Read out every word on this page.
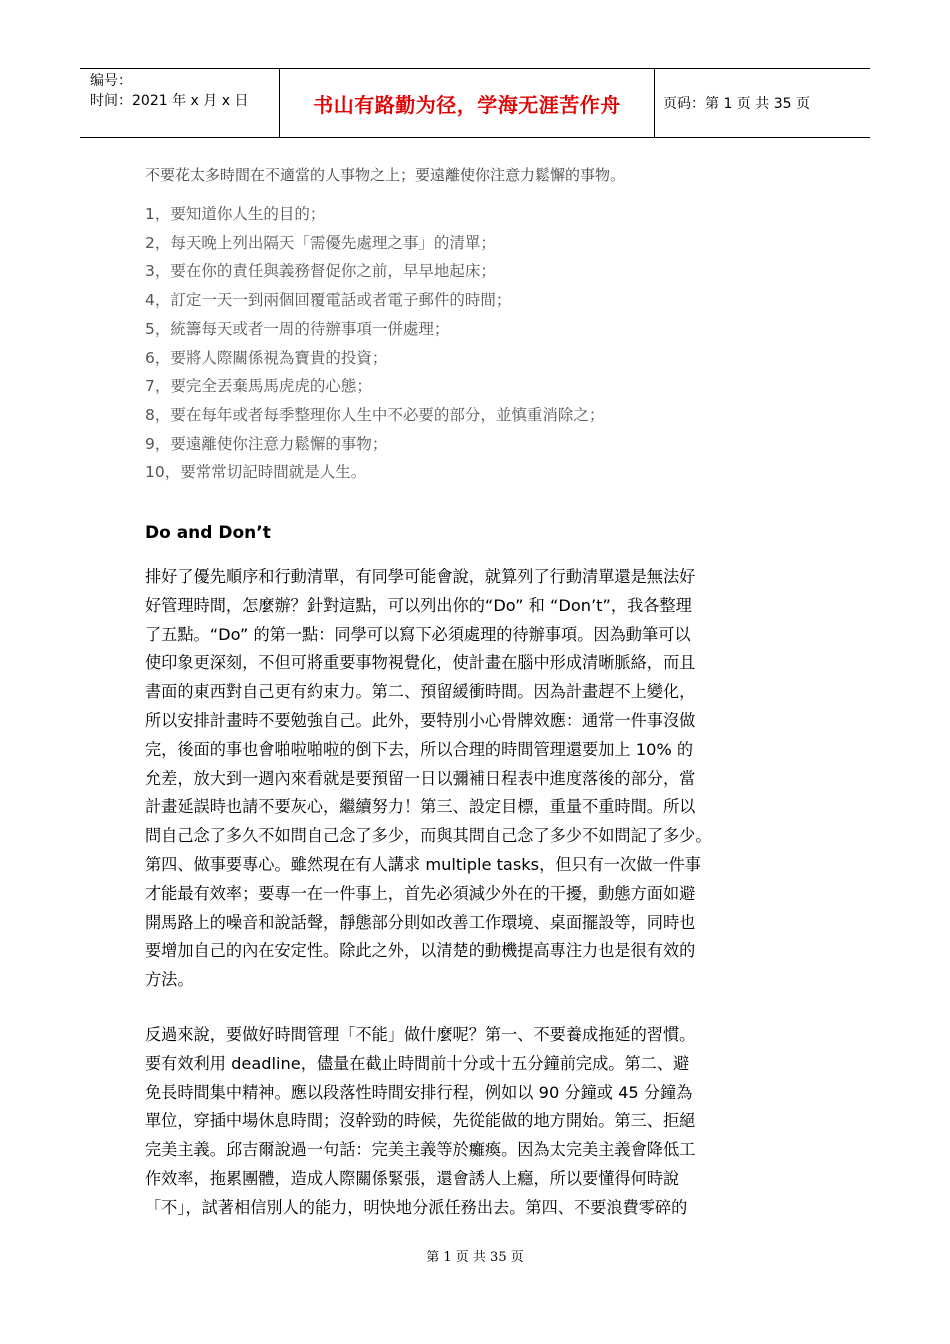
编号：
时间：2021 年 x 月 x 日	书山有路勤为径，学海无涯苦作舟	页码：第 1 页 共 35 页

不要花太多時間在不適當的人事物之上；要遠離使你注意力鬆懈的事物。

1，要知道你人生的目的；
2，每天晚上列出隔天「需優先處理之事」的清單；
3，要在你的責任與義務督促你之前，早早地起床；
4，訂定一天一到兩個回覆電話或者電子郵件的時間；
5，統籌每天或者一周的待辦事項一併處理；
6，要將人際關係視為寶貴的投資；
7，要完全丟棄馬馬虎虎的心態；
8，要在每年或者每季整理你人生中不必要的部分，並慎重消除之；
9，要遠離使你注意力鬆懈的事物；
10，要常常切記時間就是人生。
Do and Don’t

排好了優先順序和行動清單，有同學可能會說，就算列了行動清單還是無法好
好管理時間，怎麼辦？針對這點，可以列出你的“Do” 和 “Don’t”，我各整理
了五點。“Do” 的第一點：同學可以寫下必須處理的待辦事項。因為動筆可以
使印象更深刻，不但可將重要事物視覺化，使計畫在腦中形成清晰脈絡，而且
書面的東西對自己更有約束力。第二、預留緩衝時間。因為計畫趕不上變化，
所以安排計畫時不要勉強自己。此外，要特別小心骨牌效應：通常一件事沒做
完，後面的事也會啪啦啪啦的倒下去，所以合理的時間管理還要加上 10% 的
允差，放大到一週內來看就是要預留一日以彌補日程表中進度落後的部分，當
計畫延誤時也請不要灰心，繼續努力！第三、設定目標，重量不重時間。所以
問自己念了多久不如問自己念了多少，而與其問自己念了多少不如問記了多少。
第四、做事要專心。雖然現在有人講求 multiple tasks，但只有一次做一件事
才能最有效率；要專一在一件事上，首先必須減少外在的干擾，動態方面如避
開馬路上的噪音和說話聲，靜態部分則如改善工作環境、桌面擺設等，同時也
要增加自己的內在安定性。除此之外，以清楚的動機提高專注力也是很有效的
方法。

反過來說，要做好時間管理「不能」做什麼呢？第一、不要養成拖延的習慣。
要有效利用 deadline，儘量在截止時間前十分或十五分鐘前完成。第二、避
免長時間集中精神。應以段落性時間安排行程，例如以 90 分鐘或 45 分鐘為
單位，穿插中場休息時間；沒幹勁的時候，先從能做的地方開始。第三、拒絕
完美主義。邱吉爾說過一句話：完美主義等於癱瘓。因為太完美主義會降低工
作效率，拖累團體，造成人際關係緊張，還會誘人上癮，所以要懂得何時說
「不」，試著相信別人的能力，明快地分派任務出去。第四、不要浪費零碎的

第 1 页 共 35 页
